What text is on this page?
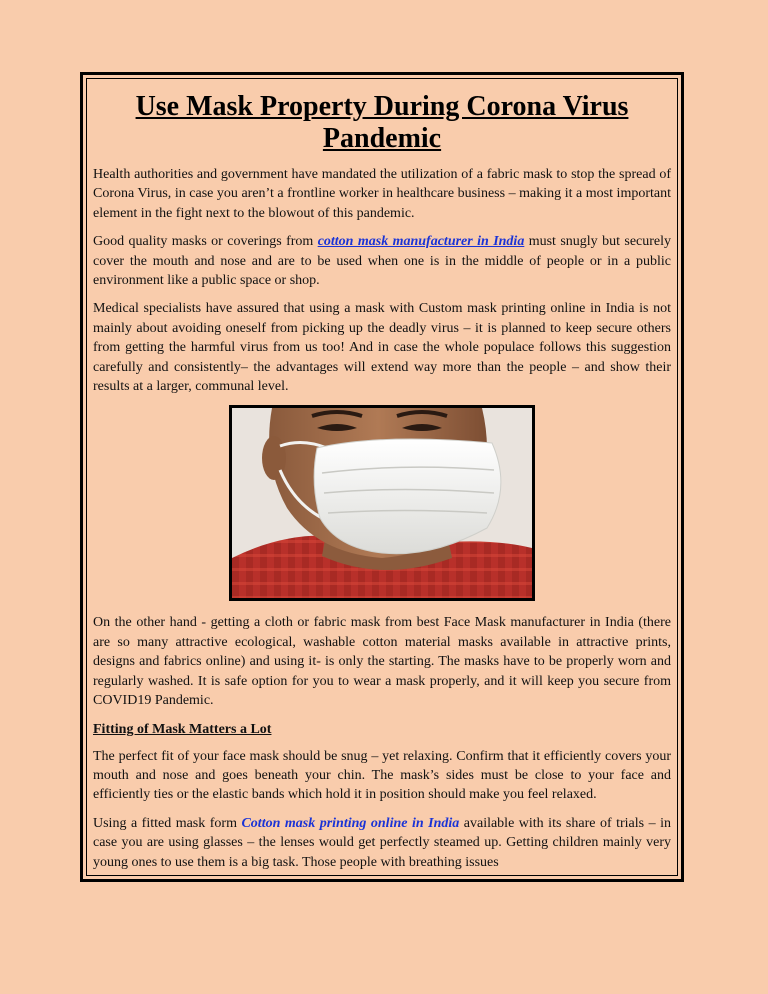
Use Mask Property During Corona Virus Pandemic

Health authorities and government have mandated the utilization of a fabric mask to stop the spread of Corona Virus, in case you aren’t a frontline worker in healthcare business – making it a most important element in the fight next to the blowout of this pandemic.

Good quality masks or coverings from cotton mask manufacturer in India must snugly but securely cover the mouth and nose and are to be used when one is in the middle of people or in a public environment like a public space or shop.

Medical specialists have assured that using a mask with Custom mask printing online in India is not mainly about avoiding oneself from picking up the deadly virus – it is planned to keep secure others from getting the harmful virus from us too! And in case the whole populace follows this suggestion carefully and consistently– the advantages will extend way more than the people – and show their results at a larger, communal level.

On the other hand - getting a cloth or fabric mask from best Face Mask manufacturer in India (there are so many attractive ecological, washable cotton material masks available in attractive prints, designs and fabrics online) and using it- is only the starting. The masks have to be properly worn and regularly washed. It is safe option for you to wear a mask properly, and it will keep you secure from COVID19 Pandemic.

Fitting of Mask Matters a Lot

The perfect fit of your face mask should be snug – yet relaxing. Confirm that it efficiently covers your mouth and nose and goes beneath your chin. The mask’s sides must be close to your face and efficiently ties or the elastic bands which hold it in position should make you feel relaxed.

Using a fitted mask form Cotton mask printing online in India available with its share of trials – in case you are using glasses – the lenses would get perfectly steamed up. Getting children mainly very young ones to use them is a big task. Those people with breathing issues
